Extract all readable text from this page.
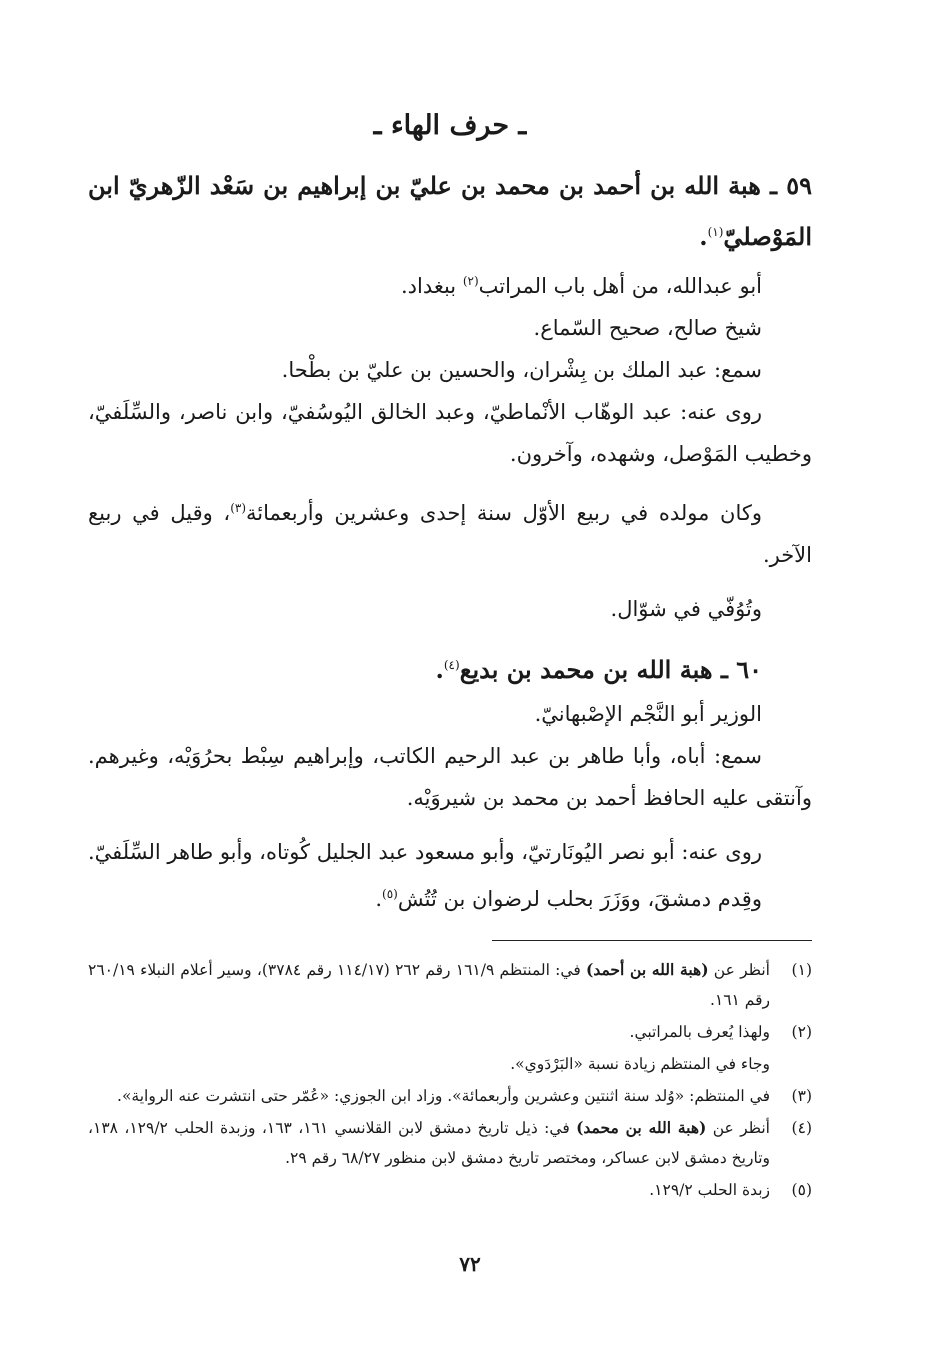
ـ حرف الهاء ـ

٥٩ ـ هبة الله بن أحمد بن محمد بن عليّ بن إبراهيم بن سَعْد الزّهريّ ابن المَوْصليّ$^{(١)}$.

أبو عبدالله، من أهل باب المراتب$^{(٢)}$ ببغداد.

شيخ صالح، صحيح السّماع.

سمع: عبد الملك بن بِشْران، والحسين بن عليّ بن بطْحا.

روى عنه: عبد الوهّاب الأنْماطيّ، وعبد الخالق اليُوسُفيّ، وابن ناصر، والسِّلَفيّ، وخطيب المَوْصل، وشهده، وآخرون.

وكان مولده في ربيع الأوّل سنة إحدى وعشرين وأربعمائة$^{(٣)}$، وقيل في ربيع الآخر.

وتُوُفّي في شوّال.

٦٠ ـ هبة الله بن محمد بن بديع$^{(٤)}$.

الوزير أبو النَّجْم الإصْبهانيّ.

سمع: أباه، وأبا طاهر بن عبد الرحيم الكاتب، وإبراهيم سِبْط بحرُوَيْه، وغيرهم. وآنتقى عليه الحافظ أحمد بن محمد بن شيروَيْه.

روى عنه: أبو نصر اليُونَارتيّ، وأبو مسعود عبد الجليل كُوتاه، وأبو طاهر السِّلَفيّ.

وقِدم دمشقَ، ووَزَرَ بحلب لرضوان بن تُتُش$^{(٥)}$.

(١)
أنظر عن (هبة الله بن أحمد) في: المنتظم ١٦١/٩ رقم ٢٦٢ (١١٤/١٧ رقم ٣٧٨٤)، وسير أعلام النبلاء ٢٦٠/١٩ رقم ١٦١.
(٢)
ولهذا يُعرف بالمراتبي.
وجاء في المنتظم زيادة نسبة «البَرْدَوي».
(٣)
في المنتظم: «وُلد سنة اثنتين وعشرين وأربعمائة». وزاد ابن الجوزي: «عُمّر حتى انتشرت عنه الرواية».
(٤)
أنظر عن (هبة الله بن محمد) في: ذيل تاريخ دمشق لابن القلانسي ١٦١، ١٦٣، وزبدة الحلب ١٢٩/٢، ١٣٨، وتاريخ دمشق لابن عساكر، ومختصر تاريخ دمشق لابن منظور ٦٨/٢٧ رقم ٢٩.
(٥)
زبدة الحلب ١٢٩/٢.
٧٢
